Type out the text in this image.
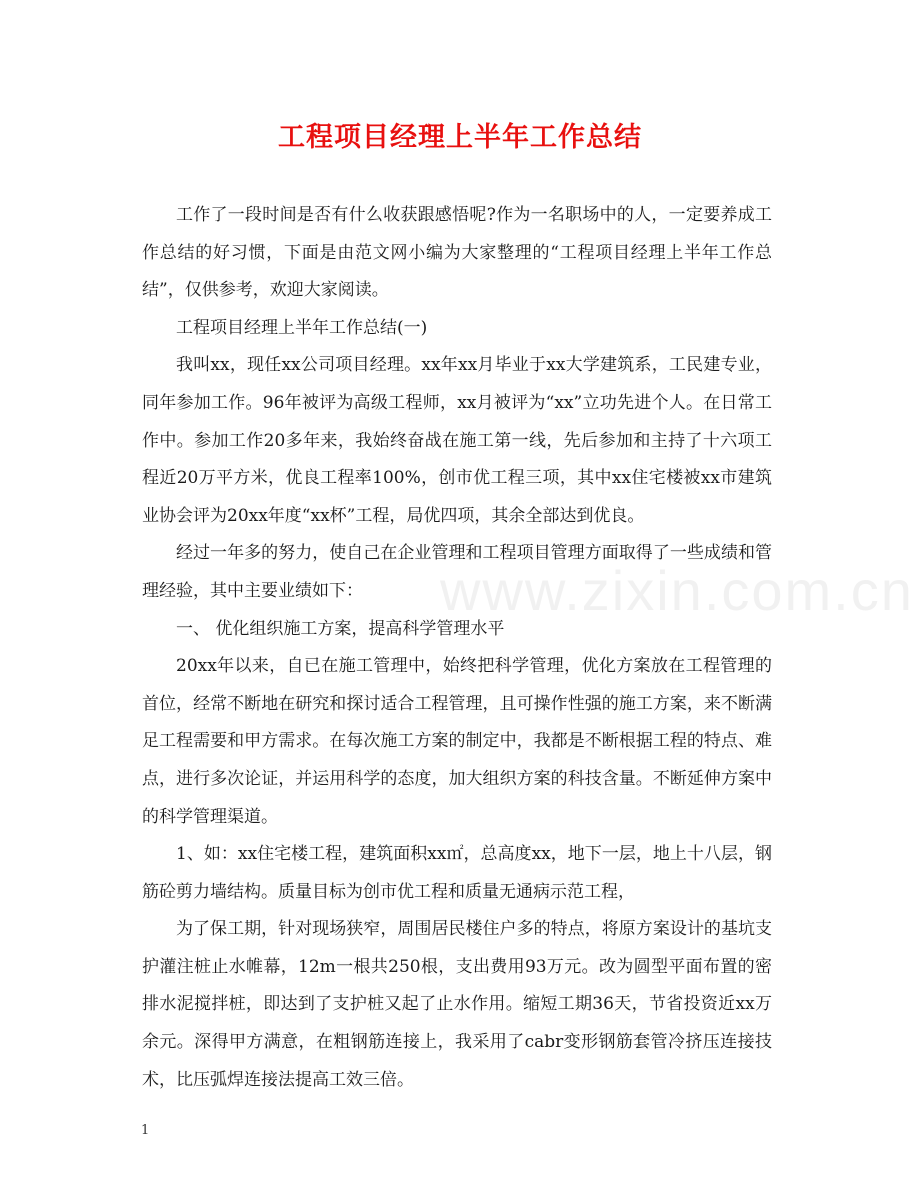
工程项目经理上半年工作总结
www.zixin.com.cn

工作了一段时间是否有什么收获跟感悟呢?作为一名职场中的人，一定要养成工作总结的好习惯，下面是由范文网小编为大家整理的“工程项目经理上半年工作总结”，仅供参考，欢迎大家阅读。

工程项目经理上半年工作总结(一)

我叫xx，现任xx公司项目经理。xx年xx月毕业于xx大学建筑系，工民建专业，同年参加工作。96年被评为高级工程师，xx月被评为“xx”立功先进个人。在日常工作中。参加工作20多年来，我始终奋战在施工第一线，先后参加和主持了十六项工程近20万平方米，优良工程率100%，创市优工程三项，其中xx住宅楼被xx市建筑业协会评为20xx年度“xx杯”工程，局优四项，其余全部达到优良。

经过一年多的努力，使自己在企业管理和工程项目管理方面取得了一些成绩和管理经验，其中主要业绩如下：

一、 优化组织施工方案，提高科学管理水平

20xx年以来，自已在施工管理中，始终把科学管理，优化方案放在工程管理的首位，经常不断地在研究和探讨适合工程管理，且可操作性强的施工方案，来不断满足工程需要和甲方需求。在每次施工方案的制定中，我都是不断根据工程的特点、难点，进行多次论证，并运用科学的态度，加大组织方案的科技含量。不断延伸方案中的科学管理渠道。

1、如：xx住宅楼工程，建筑面积xx㎡，总高度xx，地下一层，地上十八层，钢筋砼剪力墙结构。质量目标为创市优工程和质量无通病示范工程，

为了保工期，针对现场狭窄，周围居民楼住户多的特点，将原方案设计的基坑支护灌注桩止水帷幕，12m一根共250根，支出费用93万元。改为圆型平面布置的密排水泥搅拌桩，即达到了支护桩又起了止水作用。缩短工期36天，节省投资近xx万余元。深得甲方满意，在粗钢筋连接上，我采用了cabr变形钢筋套管冷挤压连接技术，比压弧焊连接法提高工效三倍。

1
